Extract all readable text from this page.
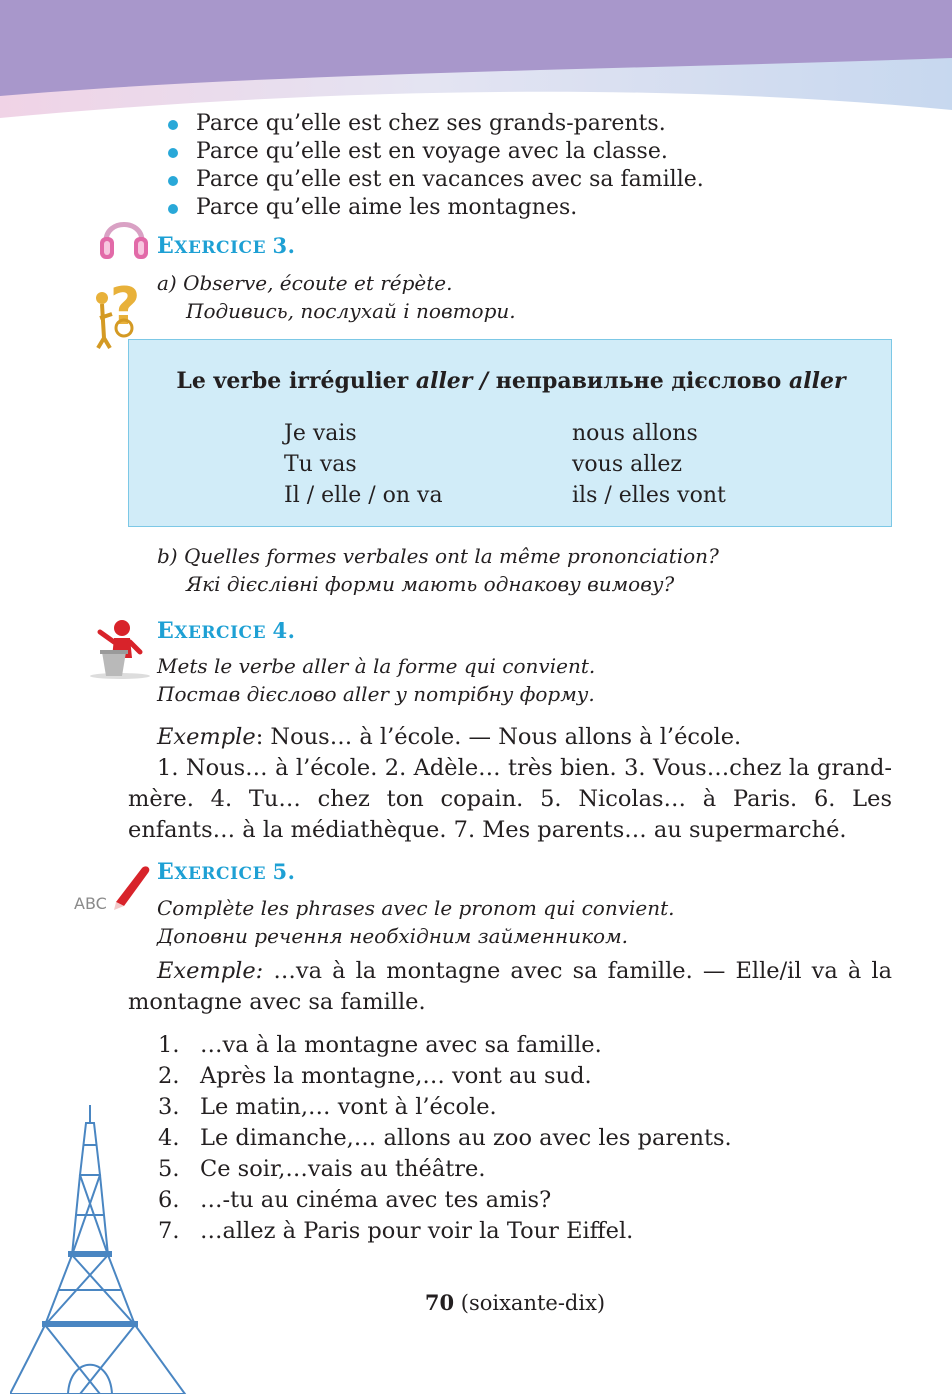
Parce qu’elle est chez ses grands-parents.
Parce qu’elle est en voyage avec la classe.
Parce qu’elle est en vacances avec sa famille.
Parce qu’elle aime les montagnes.
EXERCICE 3.
? a) Observe, écoute et répète.
Подивись, послухай і повтори.
Le verbe irrégulier aller / неправильне дієслово aller
Je vais
Tu vas
Il / elle / on va
nous allons
vous allez
ils / elles vont
b) Quelles formes verbales ont la même prononciation?
Які дієслівні форми мають однакову вимову?
EXERCICE 4.
Mets le verbe aller à la forme qui convient.
Постав дієслово aller у потрібну форму.
Exemple: Nous… à l’école. — Nous allons à l’école.
1. Nous… à l’école. 2. Adèle… très bien. 3. Vous…chez la grand-mère. 4. Tu… chez ton copain. 5. Nicolas… à Paris. 6. Les enfants… à la médiathèque. 7. Mes parents… au supermarché.
ABC
EXERCICE 5.
Complète les phrases avec le pronom qui convient.
Доповни речення необхідним займенником.
Exemple: …va à la montagne avec sa famille. — Elle/il va à la montagne avec sa famille.
1. …va à la montagne avec sa famille.
2. Après la montagne,… vont au sud.
3. Le matin,… vont à l’école.
4. Le dimanche,… allons au zoo avec les parents.
5. Ce soir,…vais au théâtre.
6. …-tu au cinéma avec tes amis?
7. …allez à Paris pour voir la Tour Eiffel.
70 (soixante-dix)
